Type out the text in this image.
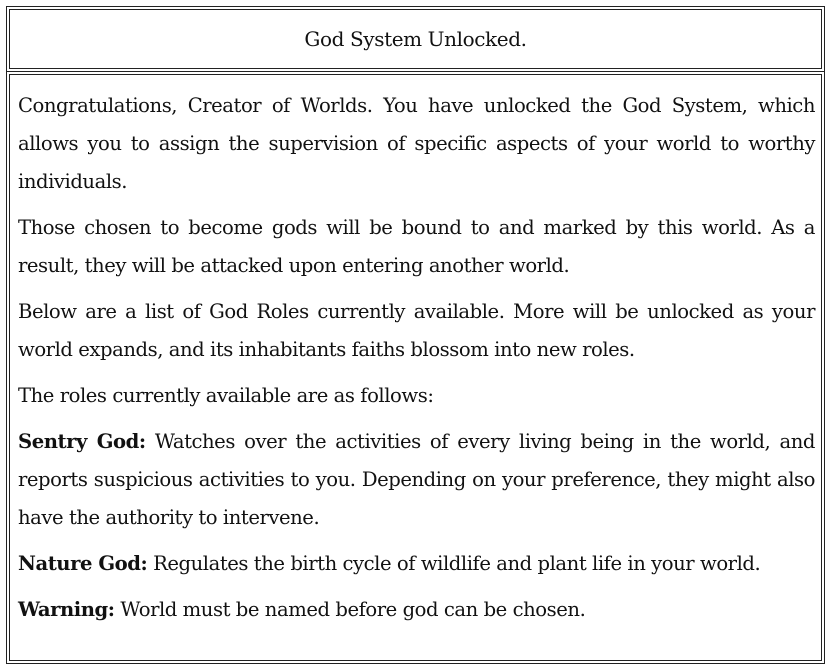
God System Unlocked.

Congratulations, Creator of Worlds. You have unlocked the God System, which allows you to assign the supervision of specific aspects of your world to worthy individuals.

Those chosen to become gods will be bound to and marked by this world. As a result, they will be attacked upon entering another world.

Below are a list of God Roles currently available. More will be unlocked as your world expands, and its inhabitants faiths blossom into new roles.

The roles currently available are as follows:

Sentry God: Watches over the activities of every living being in the world, and reports suspicious activities to you. Depending on your preference, they might also have the authority to intervene.

Nature God: Regulates the birth cycle of wildlife and plant life in your world.

Warning: World must be named before god can be chosen.
